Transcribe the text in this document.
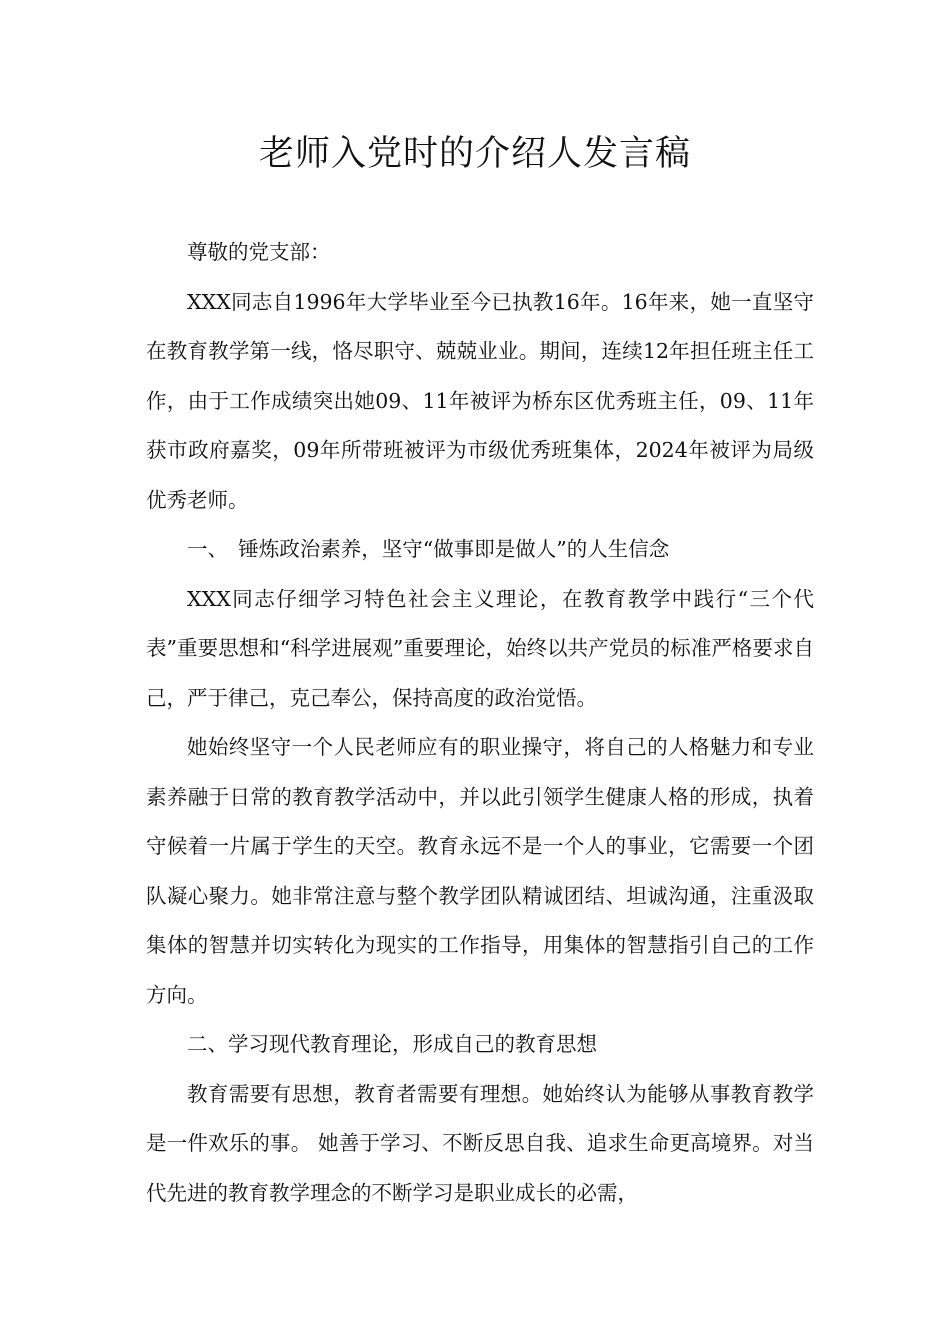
老师入党时的介绍人发言稿

尊敬的党支部：

XXX同志自1996年大学毕业至今已执教16年。16年来，她一直坚守在教育教学第一线，恪尽职守、兢兢业业。期间，连续12年担任班主任工作，由于工作成绩突出她09、11年被评为桥东区优秀班主任，09、11年获市政府嘉奖，09年所带班被评为市级优秀班集体，2024年被评为局级优秀老师。

一、　锤炼政治素养，坚守“做事即是做人”的人生信念

XXX同志仔细学习特色社会主义理论，在教育教学中践行“三个代表”重要思想和“科学进展观”重要理论，始终以共产党员的标准严格要求自己，严于律己，克己奉公，保持高度的政治觉悟。

她始终坚守一个人民老师应有的职业操守，将自己的人格魅力和专业素养融于日常的教育教学活动中，并以此引领学生健康人格的形成，执着守候着一片属于学生的天空。教育永远不是一个人的事业，它需要一个团队凝心聚力。她非常注意与整个教学团队精诚团结、坦诚沟通，注重汲取集体的智慧并切实转化为现实的工作指导，用集体的智慧指引自己的工作方向。

二、学习现代教育理论，形成自己的教育思想

教育需要有思想，教育者需要有理想。她始终认为能够从事教育教学是一件欢乐的事。 她善于学习、不断反思自我、追求生命更高境界。对当代先进的教育教学理念的不断学习是职业成长的必需，
